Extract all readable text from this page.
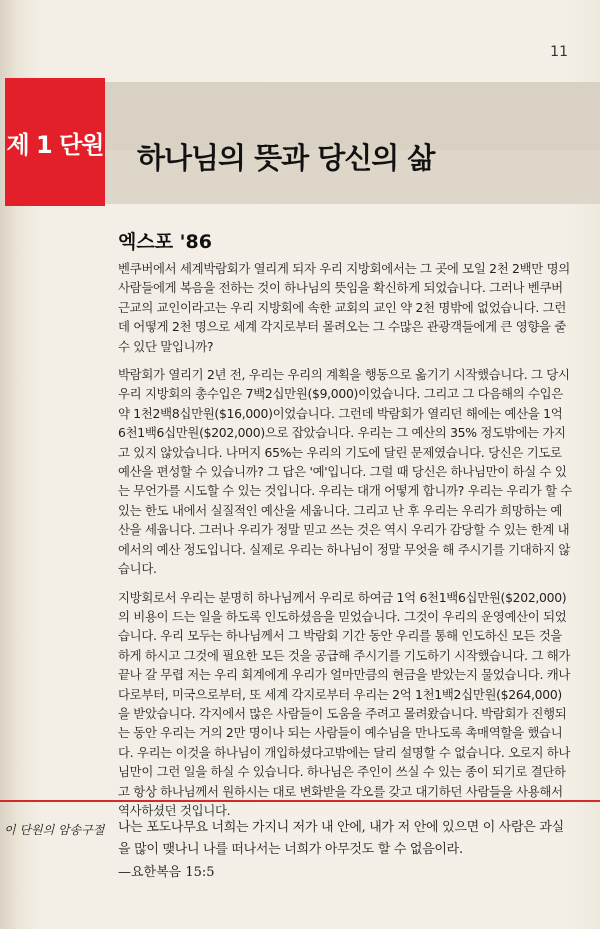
11
제 1 단원 하나님의 뜻과 당신의 삶
엑스포 '86

벤쿠버에서 세계박람회가 열리게 되자 우리 지방회에서는 그 곳에 모일 2천 2백만 명의 사람들에게 복음을 전하는 것이 하나님의 뜻임을 확신하게 되었습니다. 그러나 벤쿠버 근교의 교인이라고는 우리 지방회에 속한 교회의 교인 약 2천 명밖에 없었습니다. 그런데 어떻게 2천 명으로 세계 각지로부터 몰려오는 그 수많은 관광객들에게 큰 영향을 줄 수 있단 말입니까?

박람회가 열리기 2년 전, 우리는 우리의 계획을 행동으로 옮기기 시작했습니다. 그 당시 우리 지방회의 총수입은 7백2십만원($9,000)이었습니다. 그리고 그 다음해의 수입은 약 1천2백8십만원($16,000)이었습니다. 그런데 박람회가 열리던 해에는 예산을 1억 6천1백6십만원($202,000)으로 잡았습니다. 우리는 그 예산의 35% 정도밖에는 가지고 있지 않았습니다. 나머지 65%는 우리의 기도에 달린 문제였습니다. 당신은 기도로 예산을 편성할 수 있습니까? 그 답은 '예'입니다. 그럴 때 당신은 하나님만이 하실 수 있는 무언가를 시도할 수 있는 것입니다. 우리는 대개 어떻게 합니까? 우리는 우리가 할 수 있는 한도 내에서 실질적인 예산을 세웁니다. 그리고 난 후 우리는 우리가 희망하는 예산을 세웁니다. 그러나 우리가 정말 믿고 쓰는 것은 역시 우리가 감당할 수 있는 한계 내에서의 예산 정도입니다. 실제로 우리는 하나님이 정말 무엇을 해 주시기를 기대하지 않습니다.

지방회로서 우리는 분명히 하나님께서 우리로 하여금 1억 6천1백6십만원($202,000)의 비용이 드는 일을 하도록 인도하셨음을 믿었습니다. 그것이 우리의 운영예산이 되었습니다. 우리 모두는 하나님께서 그 박람회 기간 동안 우리를 통해 인도하신 모든 것을 하게 하시고 그것에 필요한 모든 것을 공급해 주시기를 기도하기 시작했습니다. 그 해가 끝나 갈 무렵 저는 우리 회계에게 우리가 얼마만큼의 현금을 받았는지 물었습니다. 캐나다로부터, 미국으로부터, 또 세계 각지로부터 우리는 2억 1천1백2십만원($264,000)을 받았습니다. 각지에서 많은 사람들이 도움을 주려고 몰려왔습니다. 박람회가 진행되는 동안 우리는 거의 2만 명이나 되는 사람들이 예수님을 만나도록 촉매역할을 했습니다. 우리는 이것을 하나님이 개입하셨다고밖에는 달리 설명할 수 없습니다. 오로지 하나님만이 그런 일을 하실 수 있습니다. 하나님은 주인이 쓰실 수 있는 종이 되기로 결단하고 항상 하나님께서 원하시는 대로 변화받을 각오를 갖고 대기하던 사람들을 사용해서 역사하셨던 것입니다.

이 단원의 암송구절 나는 포도나무요 너희는 가지니 저가 내 안에, 내가 저 안에 있으면 이 사람은 과실을 많이 맺나니 나를 떠나서는 너희가 아무것도 할 수 없음이라.
—요한복음 15:5
